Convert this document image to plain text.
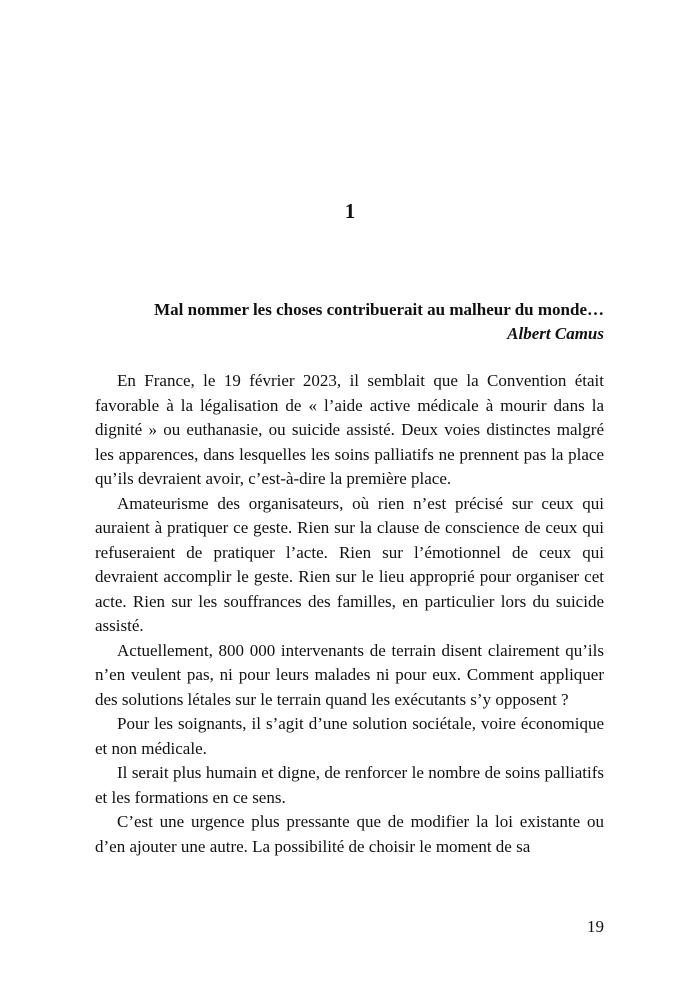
1
Mal nommer les choses contribuerait au malheur du monde…
Albert Camus

En France, le 19 février 2023, il semblait que la Convention était favorable à la légalisation de « l’aide active médicale à mourir dans la dignité » ou euthanasie, ou suicide assisté. Deux voies distinctes malgré les apparences, dans lesquelles les soins palliatifs ne prennent pas la place qu’ils devraient avoir, c’est-à-dire la première place.

Amateurisme des organisateurs, où rien n’est précisé sur ceux qui auraient à pratiquer ce geste. Rien sur la clause de conscience de ceux qui refuseraient de pratiquer l’acte. Rien sur l’émotionnel de ceux qui devraient accomplir le geste. Rien sur le lieu approprié pour organiser cet acte. Rien sur les souffrances des familles, en particulier lors du suicide assisté.

Actuellement, 800 000 intervenants de terrain disent clairement qu’ils n’en veulent pas, ni pour leurs malades ni pour eux. Comment appliquer des solutions létales sur le terrain quand les exécutants s’y opposent ?

Pour les soignants, il s’agit d’une solution sociétale, voire économique et non médicale.

Il serait plus humain et digne, de renforcer le nombre de soins palliatifs et les formations en ce sens.

C’est une urgence plus pressante que de modifier la loi existante ou d’en ajouter une autre. La possibilité de choisir le moment de sa

19
